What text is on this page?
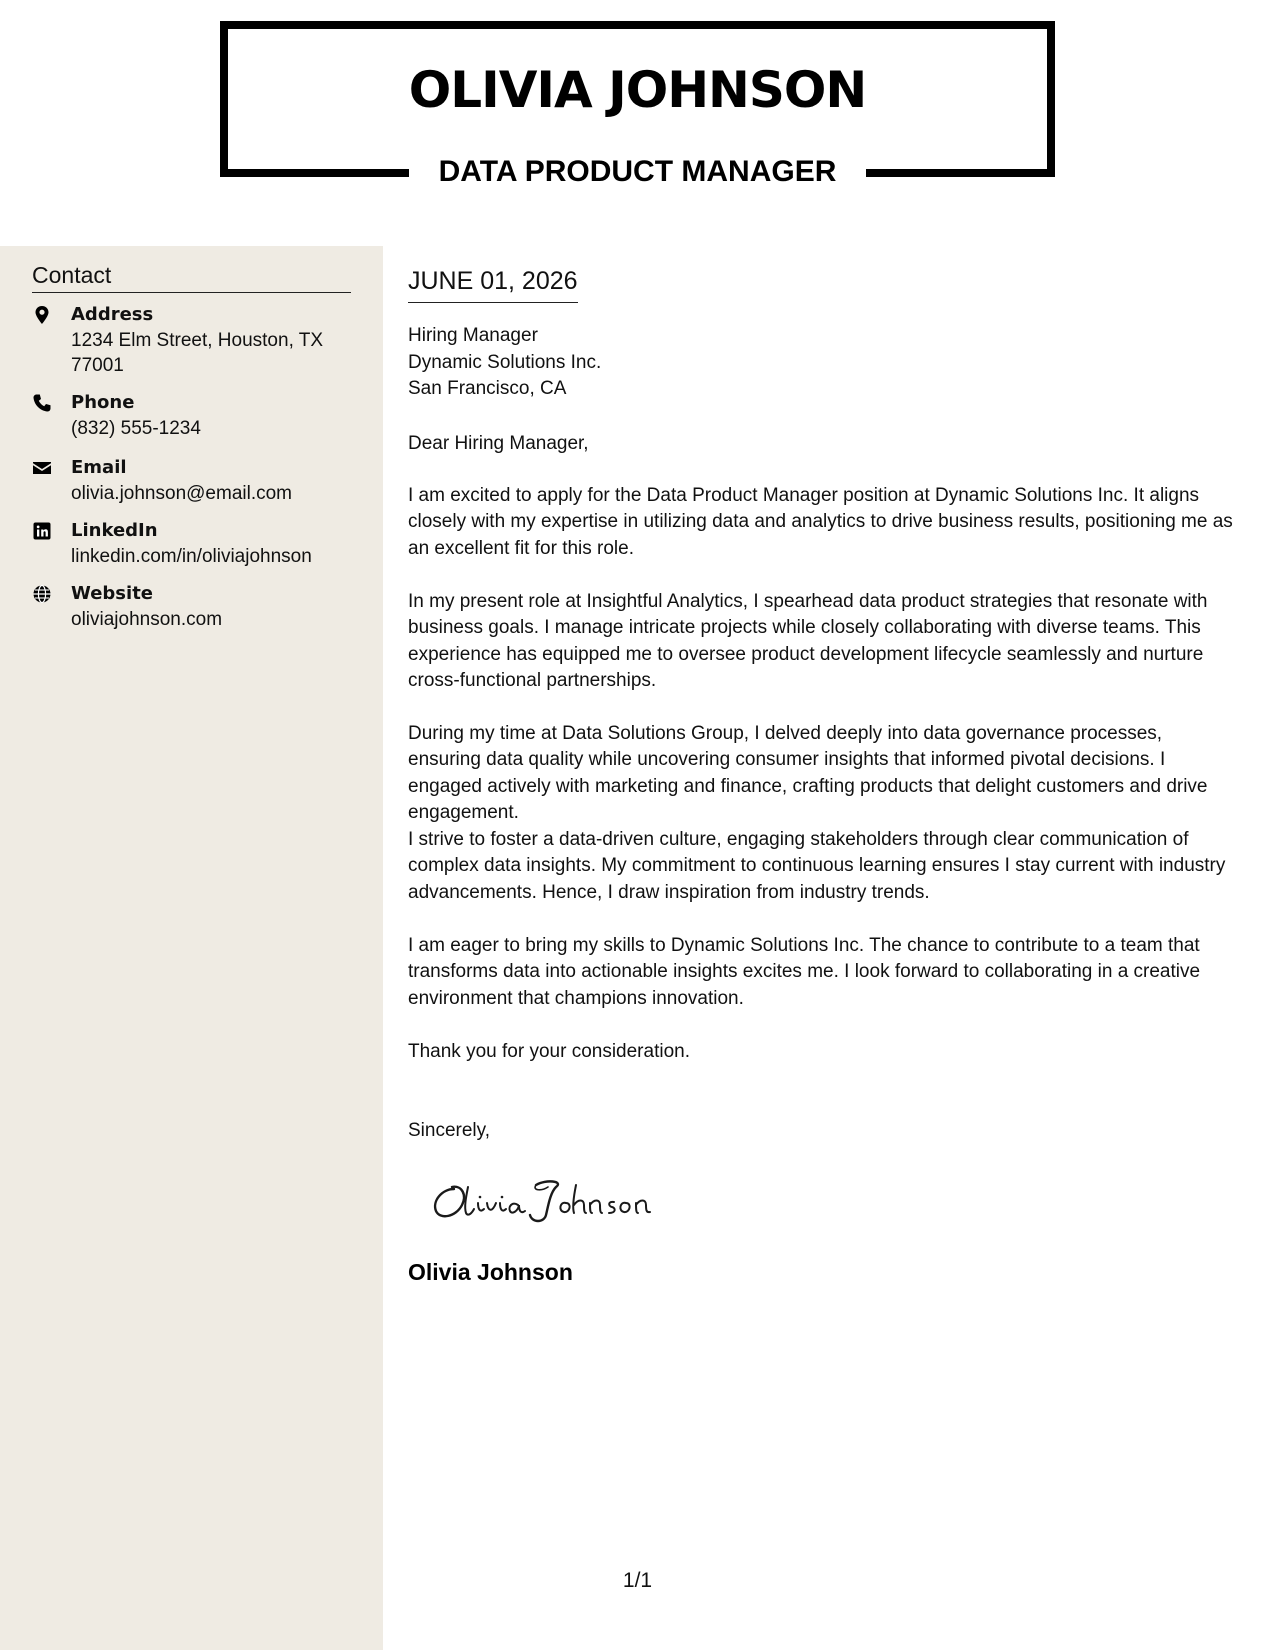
OLIVIA JOHNSON
DATA PRODUCT MANAGER
Contact
Address
1234 Elm Street, Houston, TX 77001
Phone
(832) 555-1234
Email
olivia.johnson@email.com
LinkedIn
linkedin.com/in/oliviajohnson
Website
oliviajohnson.com
JUNE 01, 2026
Hiring Manager
Dynamic Solutions Inc.
San Francisco, CA

Dear Hiring Manager,

I am excited to apply for the Data Product Manager position at Dynamic Solutions Inc. It aligns closely with my expertise in utilizing data and analytics to drive business results, positioning me as an excellent fit for this role.

In my present role at Insightful Analytics, I spearhead data product strategies that resonate with business goals. I manage intricate projects while closely collaborating with diverse teams. This experience has equipped me to oversee product development lifecycle seamlessly and nurture cross-functional partnerships.

During my time at Data Solutions Group, I delved deeply into data governance processes, ensuring data quality while uncovering consumer insights that informed pivotal decisions. I engaged actively with marketing and finance, crafting products that delight customers and drive engagement.

I strive to foster a data-driven culture, engaging stakeholders through clear communication of complex data insights. My commitment to continuous learning ensures I stay current with industry advancements. Hence, I draw inspiration from industry trends.

I am eager to bring my skills to Dynamic Solutions Inc. The chance to contribute to a team that transforms data into actionable insights excites me. I look forward to collaborating in a creative environment that champions innovation.

Thank you for your consideration.

Sincerely,

Olivia Johnson
1/1
